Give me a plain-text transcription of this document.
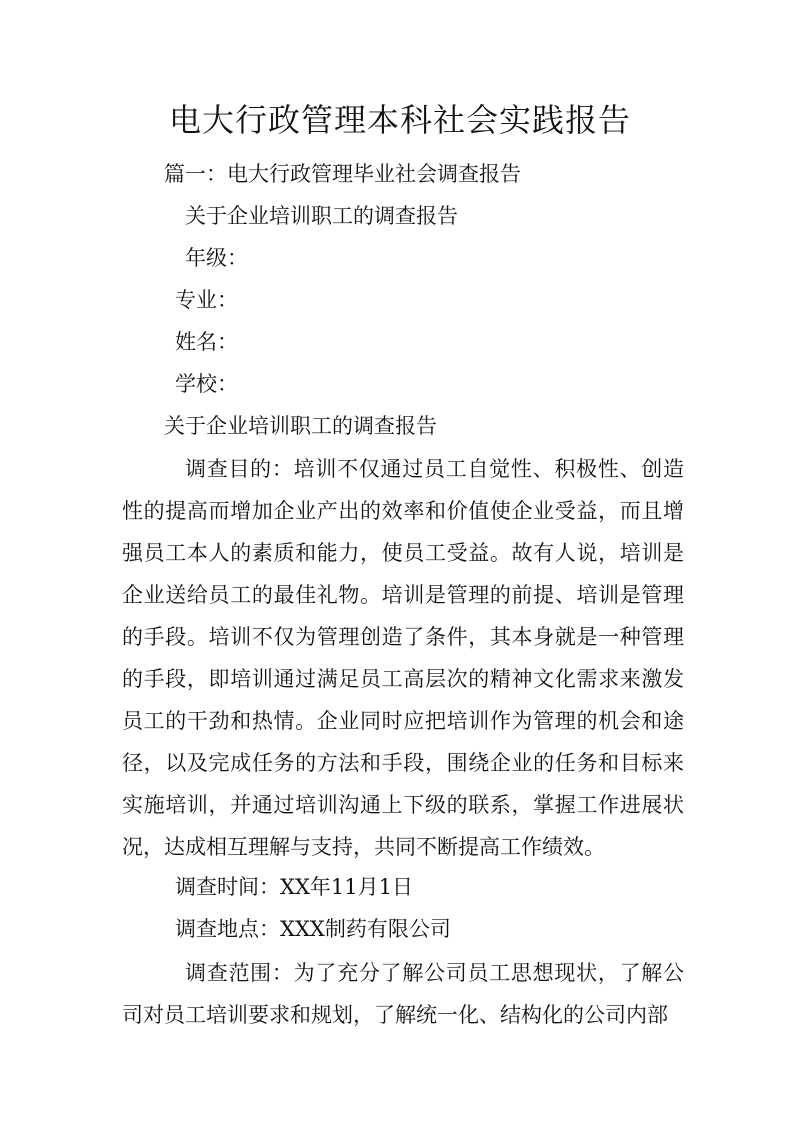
电大行政管理本科社会实践报告
篇一：电大行政管理毕业社会调查报告
关于企业培训职工的调查报告
年级：
专业：
姓名：
学校：
关于企业培训职工的调查报告
调查目的：培训不仅通过员工自觉性、积极性、创造性的提高而增加企业产出的效率和价值使企业受益，而且增强员工本人的素质和能力，使员工受益。故有人说，培训是企业送给员工的最佳礼物。培训是管理的前提、培训是管理的手段。培训不仅为管理创造了条件，其本身就是一种管理的手段，即培训通过满足员工高层次的精神文化需求来激发员工的干劲和热情。企业同时应把培训作为管理的机会和途径，以及完成任务的方法和手段，围绕企业的任务和目标来实施培训，并通过培训沟通上下级的联系，掌握工作进展状况，达成相互理解与支持，共同不断提高工作绩效。
调查时间：XX年11月1日
调查地点：XXX制药有限公司
调查范围：为了充分了解公司员工思想现状，了解公司对员工培训要求和规划，了解统一化、结构化的公司内部
